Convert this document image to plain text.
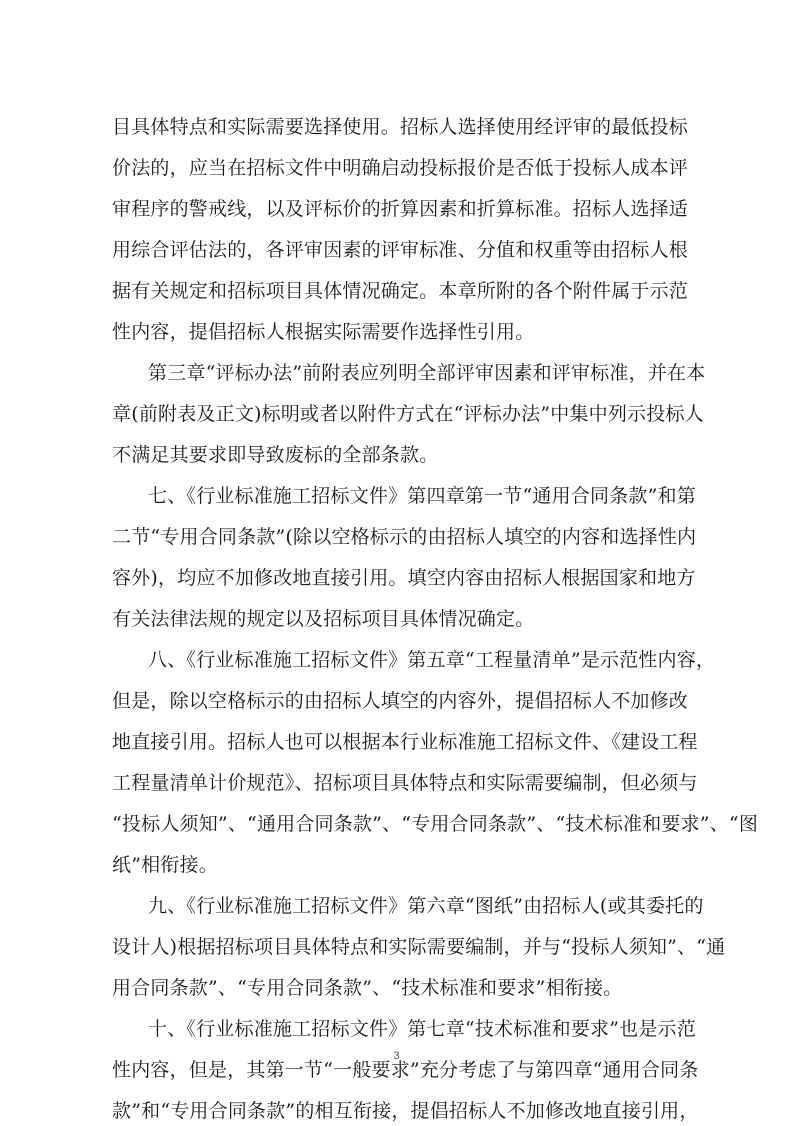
目具体特点和实际需要选择使用。招标人选择使用经评审的最低投标
价法的，应当在招标文件中明确启动投标报价是否低于投标人成本评
审程序的警戒线，以及评标价的折算因素和折算标准。招标人选择适
用综合评估法的，各评审因素的评审标准、分值和权重等由招标人根
据有关规定和招标项目具体情况确定。本章所附的各个附件属于示范
性内容，提倡招标人根据实际需要作选择性引用。
第三章“评标办法”前附表应列明全部评审因素和评审标准，并在本
章(前附表及正文)标明或者以附件方式在“评标办法”中集中列示投标人
不满足其要求即导致废标的全部条款。
七、《行业标准施工招标文件》第四章第一节“通用合同条款”和第
二节“专用合同条款”(除以空格标示的由招标人填空的内容和选择性内
容外)，均应不加修改地直接引用。填空内容由招标人根据国家和地方
有关法律法规的规定以及招标项目具体情况确定。
八、《行业标准施工招标文件》第五章“工程量清单”是示范性内容，
但是，除以空格标示的由招标人填空的内容外，提倡招标人不加修改
地直接引用。招标人也可以根据本行业标准施工招标文件、《建设工程
工程量清单计价规范》、招标项目具体特点和实际需要编制，但必须与
“投标人须知”、“通用合同条款”、“专用合同条款”、“技术标准和要求”、“图
纸”相衔接。
九、《行业标准施工招标文件》第六章“图纸”由招标人(或其委托的
设计人)根据招标项目具体特点和实际需要编制，并与“投标人须知”、“通
用合同条款”、“专用合同条款”、“技术标准和要求”相衔接。
十、《行业标准施工招标文件》第七章“技术标准和要求”也是示范
性内容，但是，其第一节“一般要求”充分考虑了与第四章“通用合同条
款”和“专用合同条款”的相互衔接，提倡招标人不加修改地直接引用，
3
